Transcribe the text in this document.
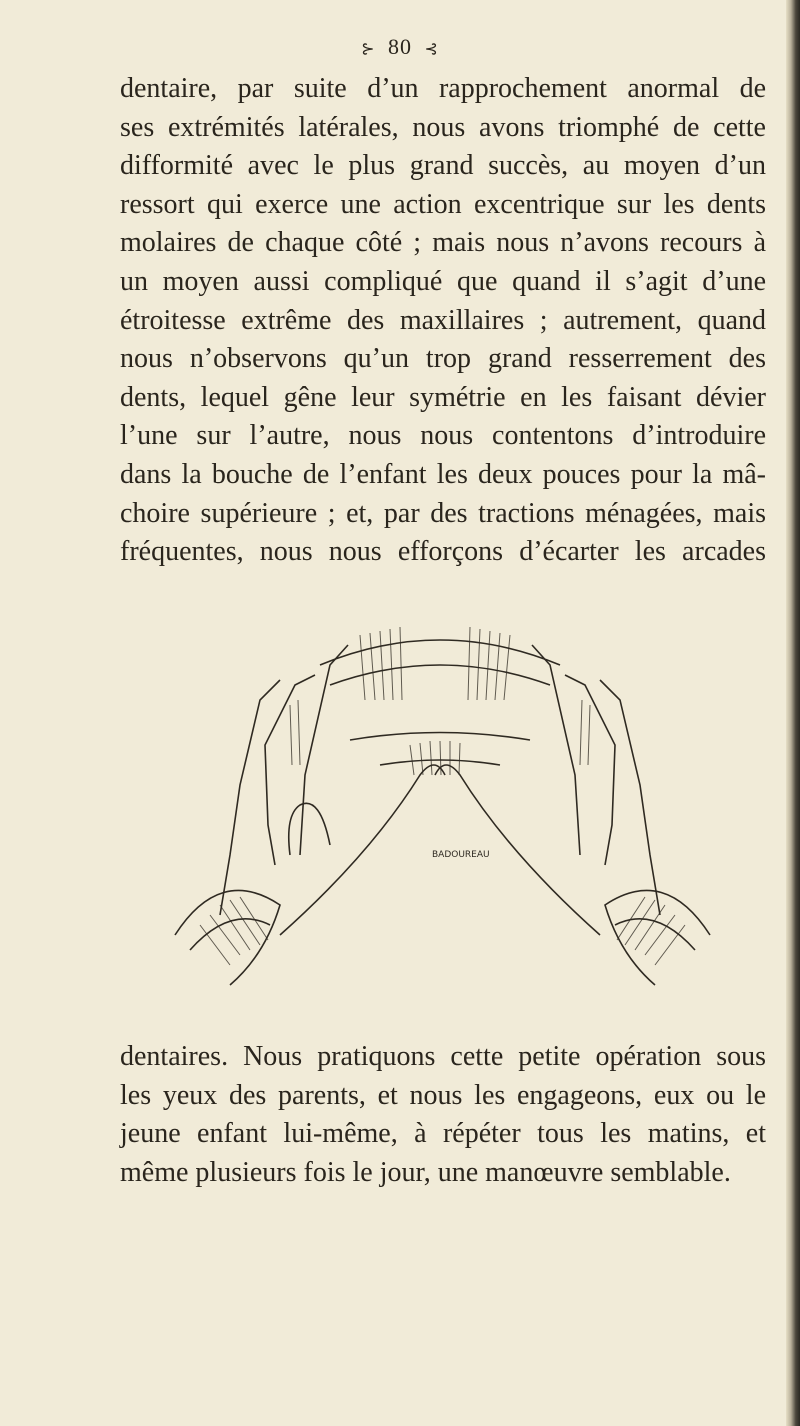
⊱ 80 ⊰
dentaire, par suite d’un rapprochement anormal de
ses extrémités latérales, nous avons triomphé de cette
difformité avec le plus grand succès, au moyen d’un
ressort qui exerce une action excentrique sur les dents
molaires de chaque côté ; mais nous n’avons recours à
un moyen aussi compliqué que quand il s’agit d’une
étroitesse extrême des maxillaires ; autrement, quand
nous n’observons qu’un trop grand resserrement des
dents, lequel gêne leur symétrie en les faisant dévier
l’une sur l’autre, nous nous contentons d’introduire
dans la bouche de l’enfant les deux pouces pour la mâ-
choire supérieure ; et, par des tractions ménagées, mais
fréquentes, nous nous efforçons d’écarter les arcades
BADOUREAU
dentaires. Nous pratiquons cette petite opération sous
les yeux des parents, et nous les engageons, eux ou le
jeune enfant lui-même, à répéter tous les matins, et
même plusieurs fois le jour, une manœuvre semblable.
